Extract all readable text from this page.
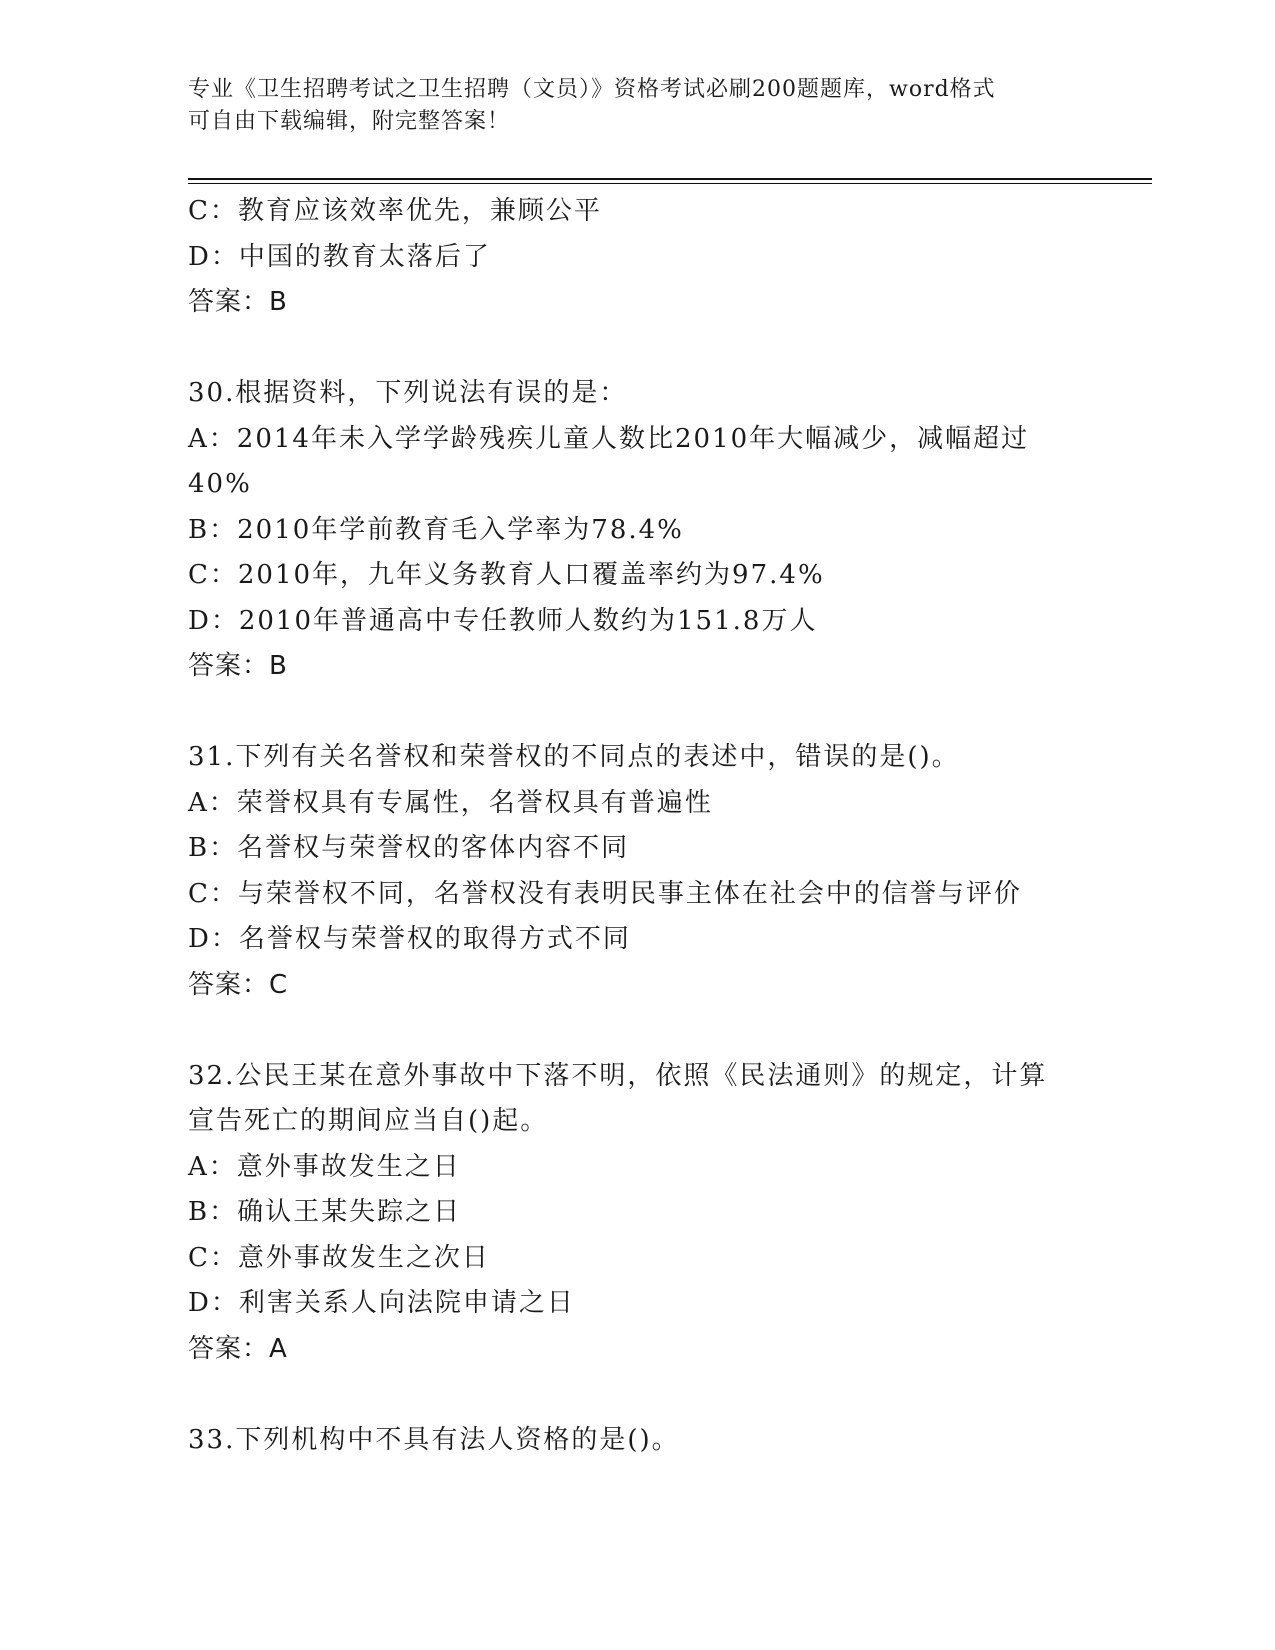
专业《卫生招聘考试之卫生招聘（文员）》资格考试必刷200题题库，word格式
可自由下载编辑，附完整答案！
C：教育应该效率优先，兼顾公平
D：中国的教育太落后了
答案：B
30.根据资料，下列说法有误的是：
A：2014年未入学学龄残疾儿童人数比2010年大幅减少，减幅超过
40%
B：2010年学前教育毛入学率为78.4%
C：2010年，九年义务教育人口覆盖率约为97.4%
D：2010年普通高中专任教师人数约为151.8万人
答案：B
31.下列有关名誉权和荣誉权的不同点的表述中，错误的是()。
A：荣誉权具有专属性，名誉权具有普遍性
B：名誉权与荣誉权的客体内容不同
C：与荣誉权不同，名誉权没有表明民事主体在社会中的信誉与评价
D：名誉权与荣誉权的取得方式不同
答案：C
32.公民王某在意外事故中下落不明，依照《民法通则》的规定，计算
宣告死亡的期间应当自()起。
A：意外事故发生之日
B：确认王某失踪之日
C：意外事故发生之次日
D：利害关系人向法院申请之日
答案：A
33.下列机构中不具有法人资格的是()。
